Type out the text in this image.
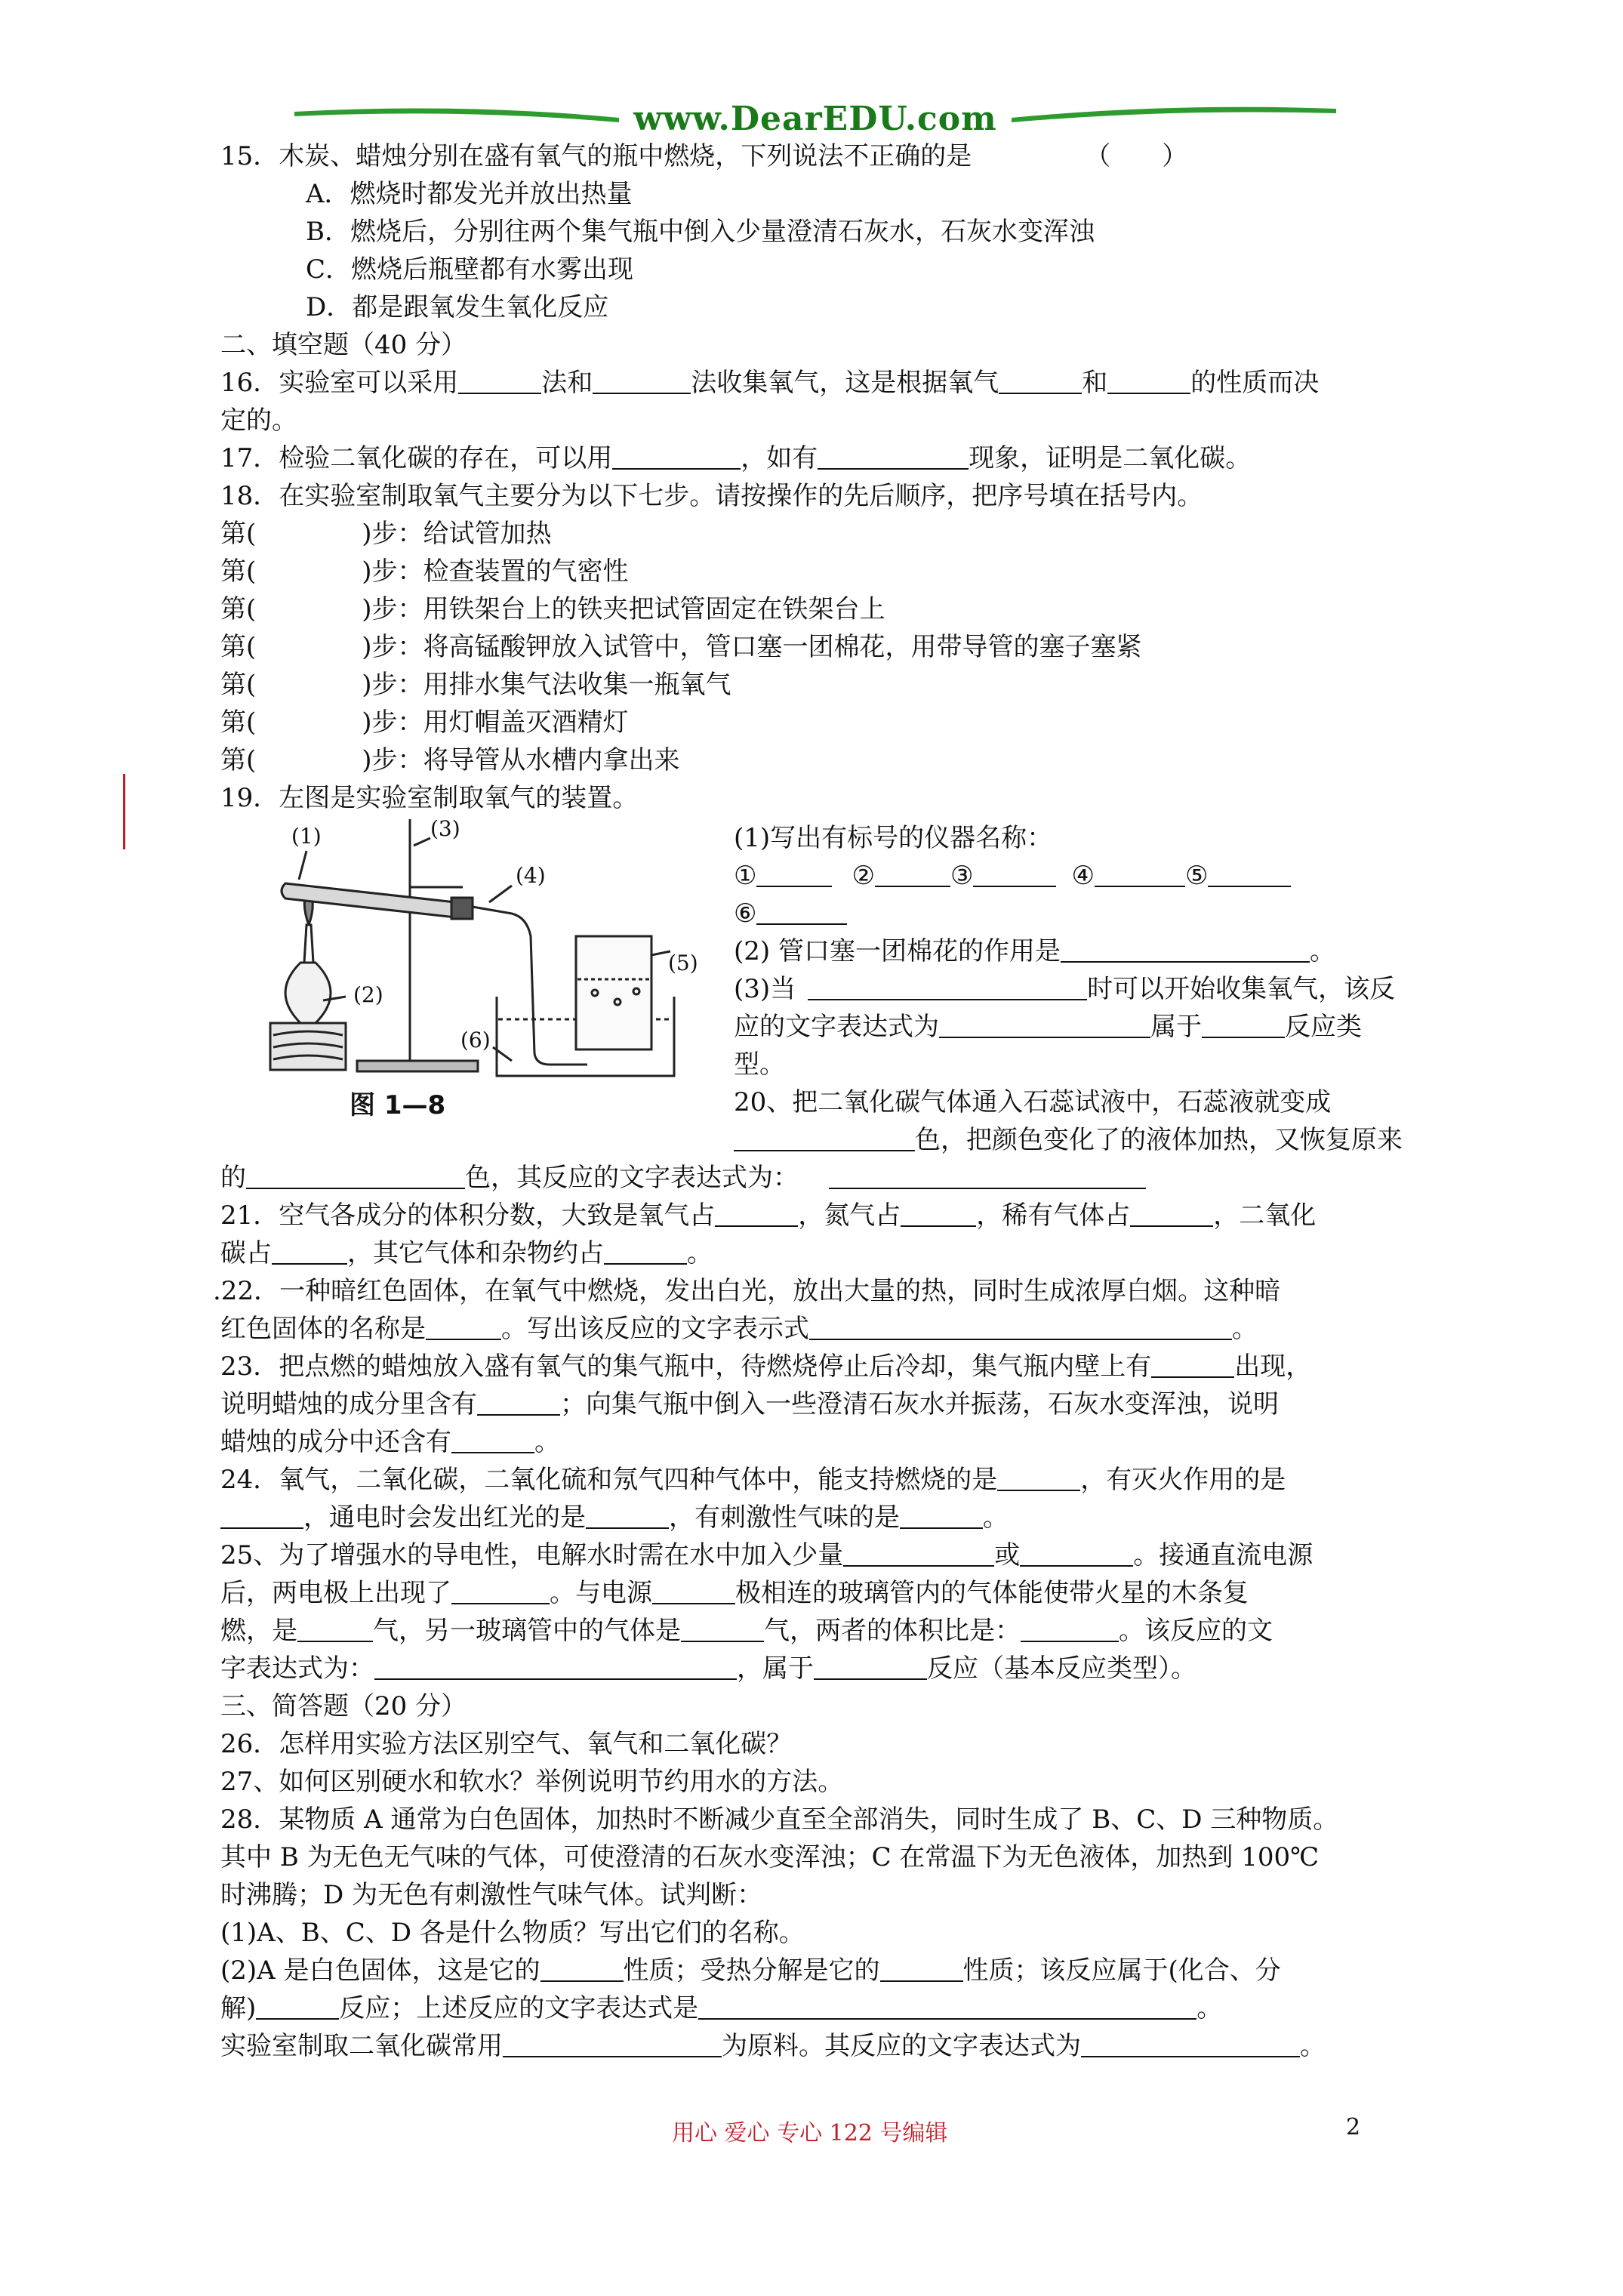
www.DearEDU.com
15．木炭、蜡烛分别在盛有氧气的瓶中燃烧，下列说法不正确的是	（　　）
A．燃烧时都发光并放出热量
B．燃烧后，分别往两个集气瓶中倒入少量澄清石灰水，石灰水变浑浊
C．燃烧后瓶壁都有水雾出现
D．都是跟氧发生氧化反应
二、填空题（40 分）
16．实验室可以采用	法和	法收集氧气，这是根据氧气	和	的性质而决
定的。
17．检验二氧化碳的存在，可以用	，如有	现象，证明是二氧化碳。
18．在实验室制取氧气主要分为以下七步。请按操作的先后顺序，把序号填在括号内。
第(	)步：给试管加热
第(	)步：检查装置的气密性
第(	)步：用铁架台上的铁夹把试管固定在铁架台上
第(	)步：将高锰酸钾放入试管中，管口塞一团棉花，用带导管的塞子塞紧
第(	)步：用排水集气法收集一瓶氧气
第(	)步：用灯帽盖灭酒精灯
第(	)步：将导管从水槽内拿出来
19．左图是实验室制取氧气的装置。
(1)
(2)
(3)
(4)
(6)
图 1—8
(5)
(1)写出有标号的仪器名称：
①	②	③	④	⑤
⑥
(2) 管口塞一团棉花的作用是	。
(3)当	时可以开始收集氧气，该反
应的文字表达式为	属于	反应类
型。
20、把二氧化碳气体通入石蕊试液中，石蕊液就变成
色，把颜色变化了的液体加热，又恢复原来
的	色，其反应的文字表达式为：
21．空气各成分的体积分数，大致是氧气占	，氮气占	，稀有气体占	，二氧化
碳占	，其它气体和杂物约占	。
.22．一种暗红色固体，在氧气中燃烧，发出白光，放出大量的热，同时生成浓厚白烟。这种暗
红色固体的名称是	。写出该反应的文字表示式	。
23．把点燃的蜡烛放入盛有氧气的集气瓶中，待燃烧停止后冷却，集气瓶内壁上有	出现，
说明蜡烛的成分里含有	；向集气瓶中倒入一些澄清石灰水并振荡，石灰水变浑浊，说明
蜡烛的成分中还含有	。
24．氧气，二氧化碳，二氧化硫和氖气四种气体中，能支持燃烧的是	，有灭火作用的是
，通电时会发出红光的是	，有刺激性气味的是	。
25、为了增强水的导电性，电解水时需在水中加入少量	或	。接通直流电源
后，两电极上出现了	。与电源	极相连的玻璃管内的气体能使带火星的木条复
燃，是	气，另一玻璃管中的气体是	气，两者的体积比是：	。该反应的文
字表达式为：	，属于	反应（基本反应类型）。
三、简答题（20 分）
26．怎样用实验方法区别空气、氧气和二氧化碳？
27、如何区别硬水和软水？举例说明节约用水的方法。
28．某物质 A 通常为白色固体，加热时不断减少直至全部消失，同时生成了 B、C、D 三种物质。
其中 B 为无色无气味的气体，可使澄清的石灰水变浑浊；C 在常温下为无色液体，加热到 100℃
时沸腾；D 为无色有刺激性气味气体。试判断：
(1)A、B、C、D 各是什么物质？写出它们的名称。
(2)A 是白色固体，这是它的	性质；受热分解是它的	性质；该反应属于(化合、分
解)	反应；上述反应的文字表达式是	。
实验室制取二氧化碳常用	为原料。其反应的文字表达式为	。
用心 爱心 专心 122 号编辑	2
